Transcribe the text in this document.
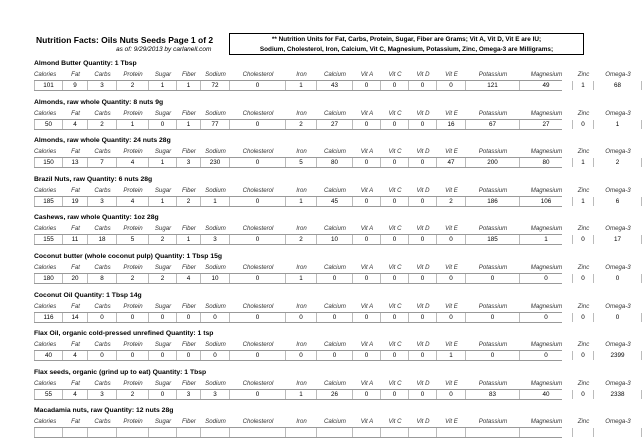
Nutrition Facts: Oils Nuts Seeds Page 1 of 2
as of: 9/29/2013 by carlanell.com
** Nutrition Units for Fat, Carbs, Protein, Sugar, Fiber are Grams; Vit A, Vit D, Vit E are IU;
Sodium, Cholesterol, Iron, Calcium, Vit C, Magnesium, Potassium, Zinc, Omega-3 are Milligrams;
Almond Butter Quantity: 1 Tbsp
Calories	Fat	Carbs	Protein	Sugar	Fiber	Sodium	Cholesterol	Iron	Calcium	Vit A	Vit C	Vit D	Vit E	Potassium	Magnesium	Zinc	Omega-3
101	9	3	2	1	1	72	0	1	43	0	0	0	0	121	49	1	68
Almonds, raw whole Quantity: 8 nuts 9g
Calories	Fat	Carbs	Protein	Sugar	Fiber	Sodium	Cholesterol	Iron	Calcium	Vit A	Vit C	Vit D	Vit E	Potassium	Magnesium	Zinc	Omega-3
50	4	2	1	0	1	77	0	2	27	0	0	0	16	67	27	0	1
Almonds, raw whole Quantity: 24 nuts 28g
Calories	Fat	Carbs	Protein	Sugar	Fiber	Sodium	Cholesterol	Iron	Calcium	Vit A	Vit C	Vit D	Vit E	Potassium	Magnesium	Zinc	Omega-3
150	13	7	4	1	3	230	0	5	80	0	0	0	47	200	80	1	2
Brazil Nuts, raw Quantity: 6 nuts 28g
Calories	Fat	Carbs	Protein	Sugar	Fiber	Sodium	Cholesterol	Iron	Calcium	Vit A	Vit C	Vit D	Vit E	Potassium	Magnesium	Zinc	Omega-3
185	19	3	4	1	2	1	0	1	45	0	0	0	2	186	106	1	6
Cashews, raw whole Quantity: 1oz 28g
Calories	Fat	Carbs	Protein	Sugar	Fiber	Sodium	Cholesterol	Iron	Calcium	Vit A	Vit C	Vit D	Vit E	Potassium	Magnesium	Zinc	Omega-3
155	11	18	5	2	1	3	0	2	10	0	0	0	0	185	1	0	17
Coconut butter (whole coconut pulp) Quantity: 1 Tbsp 15g
Calories	Fat	Carbs	Protein	Sugar	Fiber	Sodium	Cholesterol	Iron	Calcium	Vit A	Vit C	Vit D	Vit E	Potassium	Magnesium	Zinc	Omega-3
180	20	8	2	2	4	10	0	1	0	0	0	0	0	0	0	0	0
Coconut Oil Quantity: 1 Tbsp 14g
Calories	Fat	Carbs	Protein	Sugar	Fiber	Sodium	Cholesterol	Iron	Calcium	Vit A	Vit C	Vit D	Vit E	Potassium	Magnesium	Zinc	Omega-3
116	14	0	0	0	0	0	0	0	0	0	0	0	0	0	0	0	0
Flax Oil, organic cold-pressed unrefined Quantity: 1 tsp
Calories	Fat	Carbs	Protein	Sugar	Fiber	Sodium	Cholesterol	Iron	Calcium	Vit A	Vit C	Vit D	Vit E	Potassium	Magnesium	Zinc	Omega-3
40	4	0	0	0	0	0	0	0	0	0	0	0	1	0	0	0	2399
Flax seeds, organic (grind up to eat) Quantity: 1 Tbsp
Calories	Fat	Carbs	Protein	Sugar	Fiber	Sodium	Cholesterol	Iron	Calcium	Vit A	Vit C	Vit D	Vit E	Potassium	Magnesium	Zinc	Omega-3
55	4	3	2	0	3	3	0	1	26	0	0	0	0	83	40	0	2338
Macadamia nuts, raw Quantity: 12 nuts 28g
Calories	Fat	Carbs	Protein	Sugar	Fiber	Sodium	Cholesterol	Iron	Calcium	Vit A	Vit C	Vit D	Vit E	Potassium	Magnesium	Zinc	Omega-3
